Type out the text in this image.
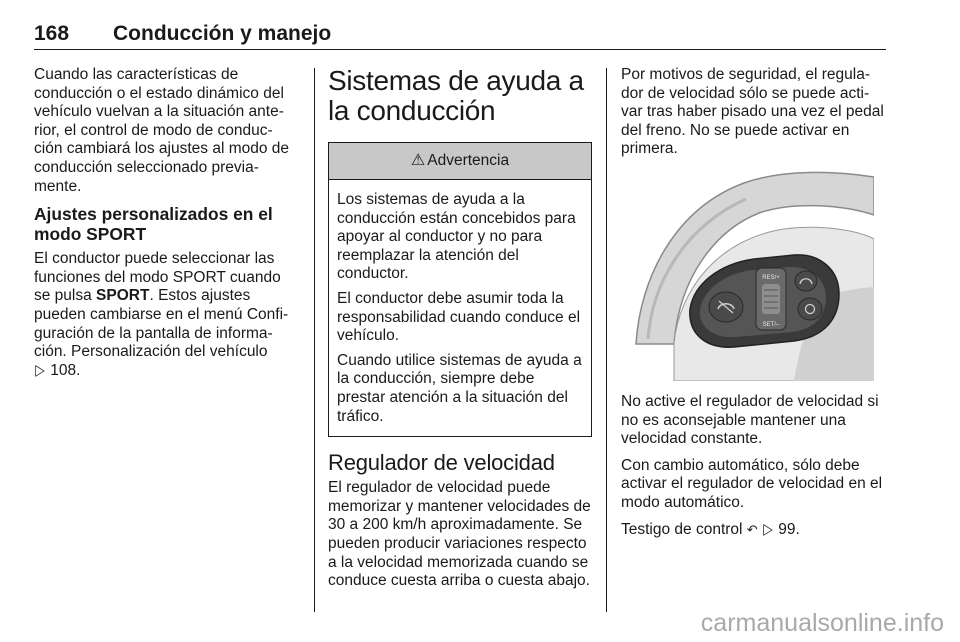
168 Conducción y manejo

Cuando las características de conducción o el estado dinámico del vehículo vuelvan a la situación ante-rior, el control de modo de conduc-ción cambiará los ajustes al modo de conducción seleccionado previa-mente.

Ajustes personalizados en el modo SPORT

El conductor puede seleccionar las funciones del modo SPORT cuando se pulsa SPORT. Estos ajustes pueden cambiarse en el menú Confi-guración de la pantalla de informa-ción. Personalización del vehículo
▷ 108.

Sistemas de ayuda a la conducción
⚠ Advertencia

Los sistemas de ayuda a la conducción están concebidos para apoyar al conductor y no para reemplazar la atención del conductor.

El conductor debe asumir toda la responsabilidad cuando conduce el vehículo.

Cuando utilice sistemas de ayuda a la conducción, siempre debe prestar atención a la situación del tráfico.

Regulador de velocidad

El regulador de velocidad puede memorizar y mantener velocidades de 30 a 200 km/h aproximadamente. Se pueden producir variaciones respecto a la velocidad memorizada cuando se conduce cuesta arriba o cuesta abajo.

Por motivos de seguridad, el regula-dor de velocidad sólo se puede acti-var tras haber pisado una vez el pedal del freno. No se puede activar en primera.

RES/+
SET/–

No active el regulador de velocidad si no es aconsejable mantener una velocidad constante.

Con cambio automático, sólo debe activar el regulador de velocidad en el modo automático.

Testigo de control ↶ ▷ 99.

carmanualsonline.info
